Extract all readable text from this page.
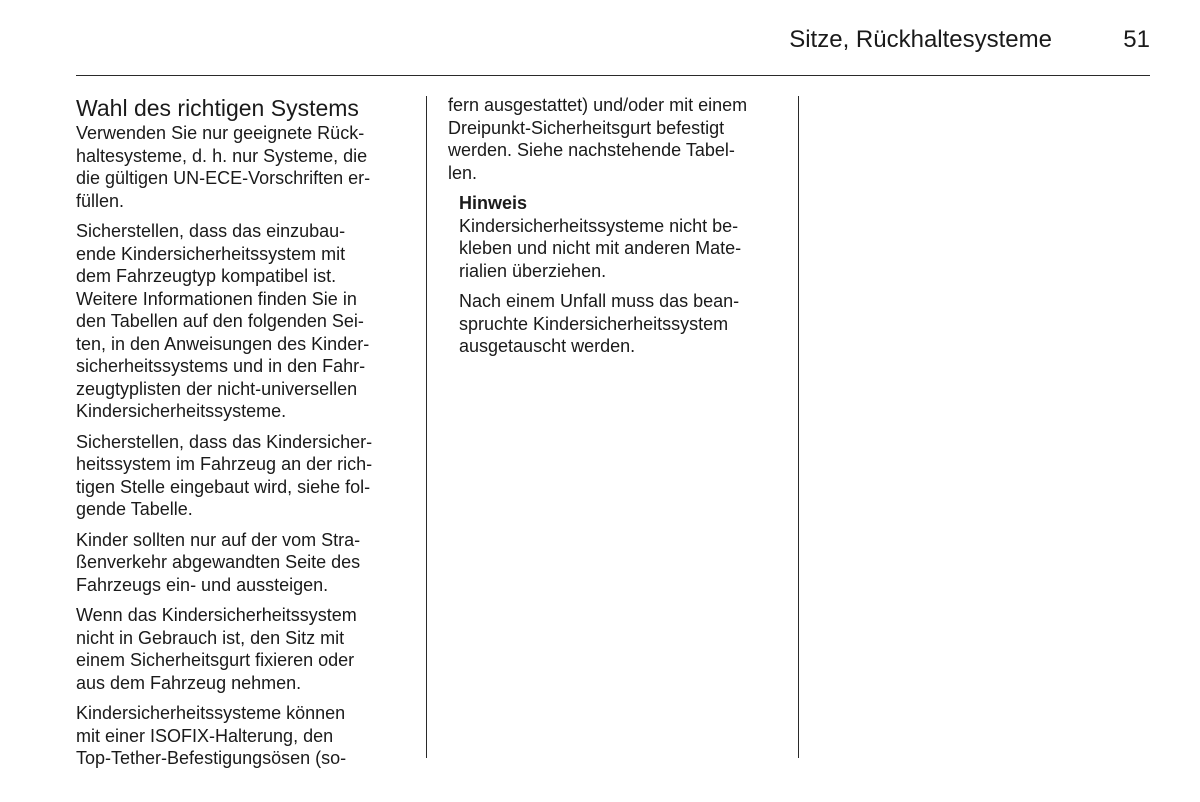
Sitze, Rückhaltesysteme	51
Wahl des richtigen Systems

Verwenden Sie nur geeignete Rück-
haltesysteme, d. h. nur Systeme, die
die gültigen UN-ECE-Vorschriften er-
füllen.

Sicherstellen, dass das einzubau-
ende Kindersicherheitssystem mit
dem Fahrzeugtyp kompatibel ist.
Weitere Informationen finden Sie in
den Tabellen auf den folgenden Sei-
ten, in den Anweisungen des Kinder-
sicherheitssystems und in den Fahr-
zeugtyplisten der nicht-universellen
Kindersicherheitssysteme.

Sicherstellen, dass das Kindersicher-
heitssystem im Fahrzeug an der rich-
tigen Stelle eingebaut wird, siehe fol-
gende Tabelle.

Kinder sollten nur auf der vom Stra-
ßenverkehr abgewandten Seite des
Fahrzeugs ein- und aussteigen.

Wenn das Kindersicherheitssystem
nicht in Gebrauch ist, den Sitz mit
einem Sicherheitsgurt fixieren oder
aus dem Fahrzeug nehmen.

Kindersicherheitssysteme können
mit einer ISOFIX-Halterung, den
Top-Tether-Befestigungsösen (so-

fern ausgestattet) und/oder mit einem
Dreipunkt-Sicherheitsgurt befestigt
werden. Siehe nachstehende Tabel-
len.

Hinweis

Kindersicherheitssysteme nicht be-
kleben und nicht mit anderen Mate-
rialien überziehen.

Nach einem Unfall muss das bean-
spruchte Kindersicherheitssystem
ausgetauscht werden.
